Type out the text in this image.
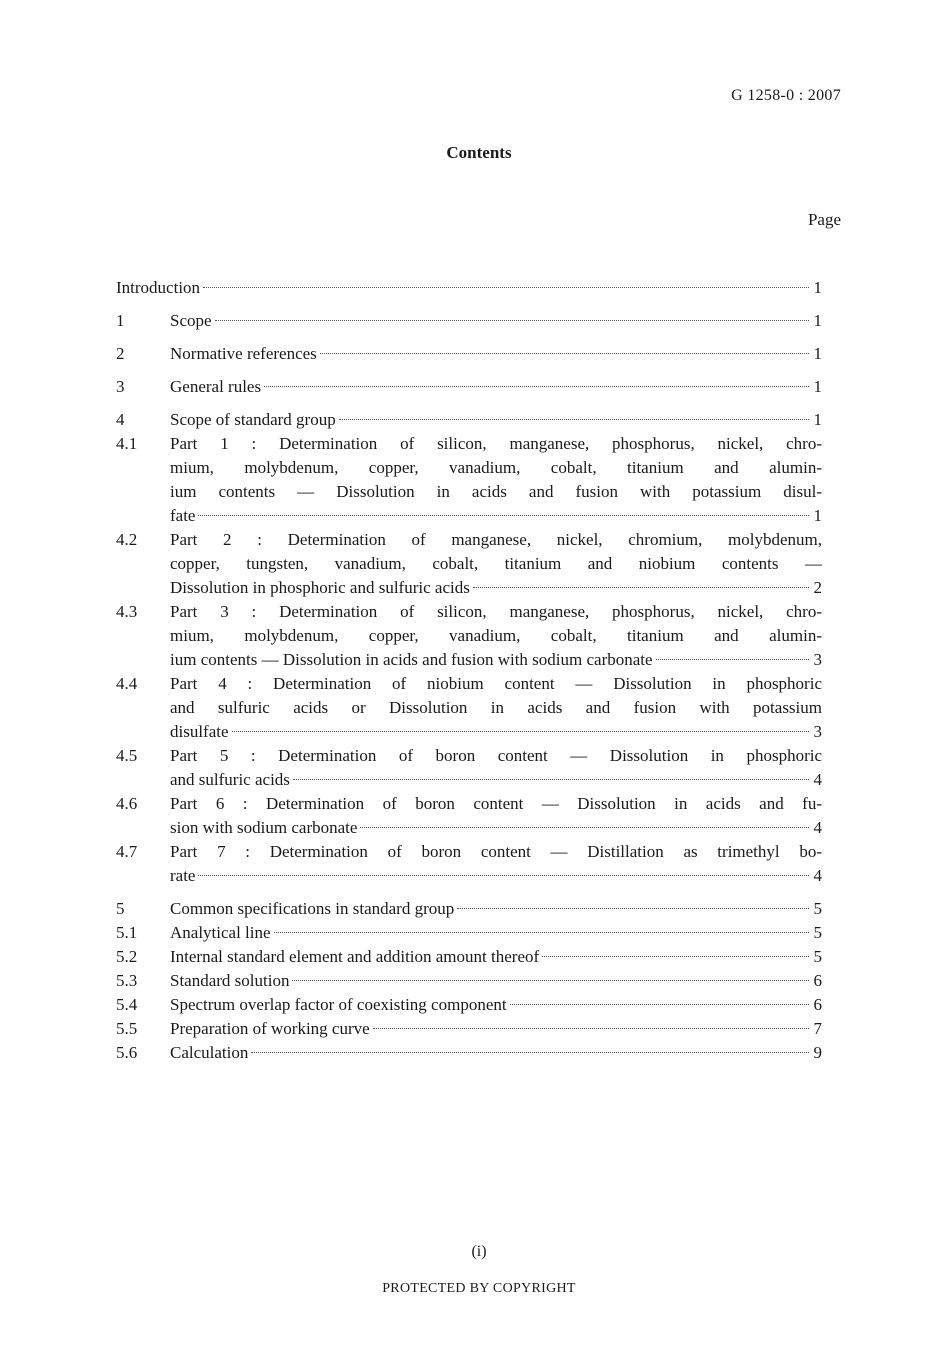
G 1258-0 : 2007
Contents
Page
Introduction	1
1	Scope	1
2	Normative references	1
3	General rules	1
4	Scope of standard group	1
4.1	Part 1 : Determination of silicon, manganese, phosphorus, nickel, chro-
mium, molybdenum, copper, vanadium, cobalt, titanium and alumin-
ium contents — Dissolution in acids and fusion with potassium disul-
fate	1
4.2	Part 2 : Determination of manganese, nickel, chromium, molybdenum,
copper, tungsten, vanadium, cobalt, titanium and niobium contents —
Dissolution in phosphoric and sulfuric acids	2
4.3	Part 3 : Determination of silicon, manganese, phosphorus, nickel, chro-
mium, molybdenum, copper, vanadium, cobalt, titanium and alumin-
ium contents — Dissolution in acids and fusion with sodium carbonate	3
4.4	Part 4 : Determination of niobium content — Dissolution in phosphoric
and sulfuric acids or Dissolution in acids and fusion with potassium
disulfate	3
4.5	Part 5 : Determination of boron content — Dissolution in phosphoric
and sulfuric acids	4
4.6	Part 6 : Determination of boron content — Dissolution in acids and fu-
sion with sodium carbonate	4
4.7	Part 7 : Determination of boron content — Distillation as trimethyl bo-
rate	4
5	Common specifications in standard group	5
5.1	Analytical line	5
5.2	Internal standard element and addition amount thereof	5
5.3	Standard solution	6
5.4	Spectrum overlap factor of coexisting component	6
5.5	Preparation of working curve	7
5.6	Calculation	9
(i)
PROTECTED BY COPYRIGHT
